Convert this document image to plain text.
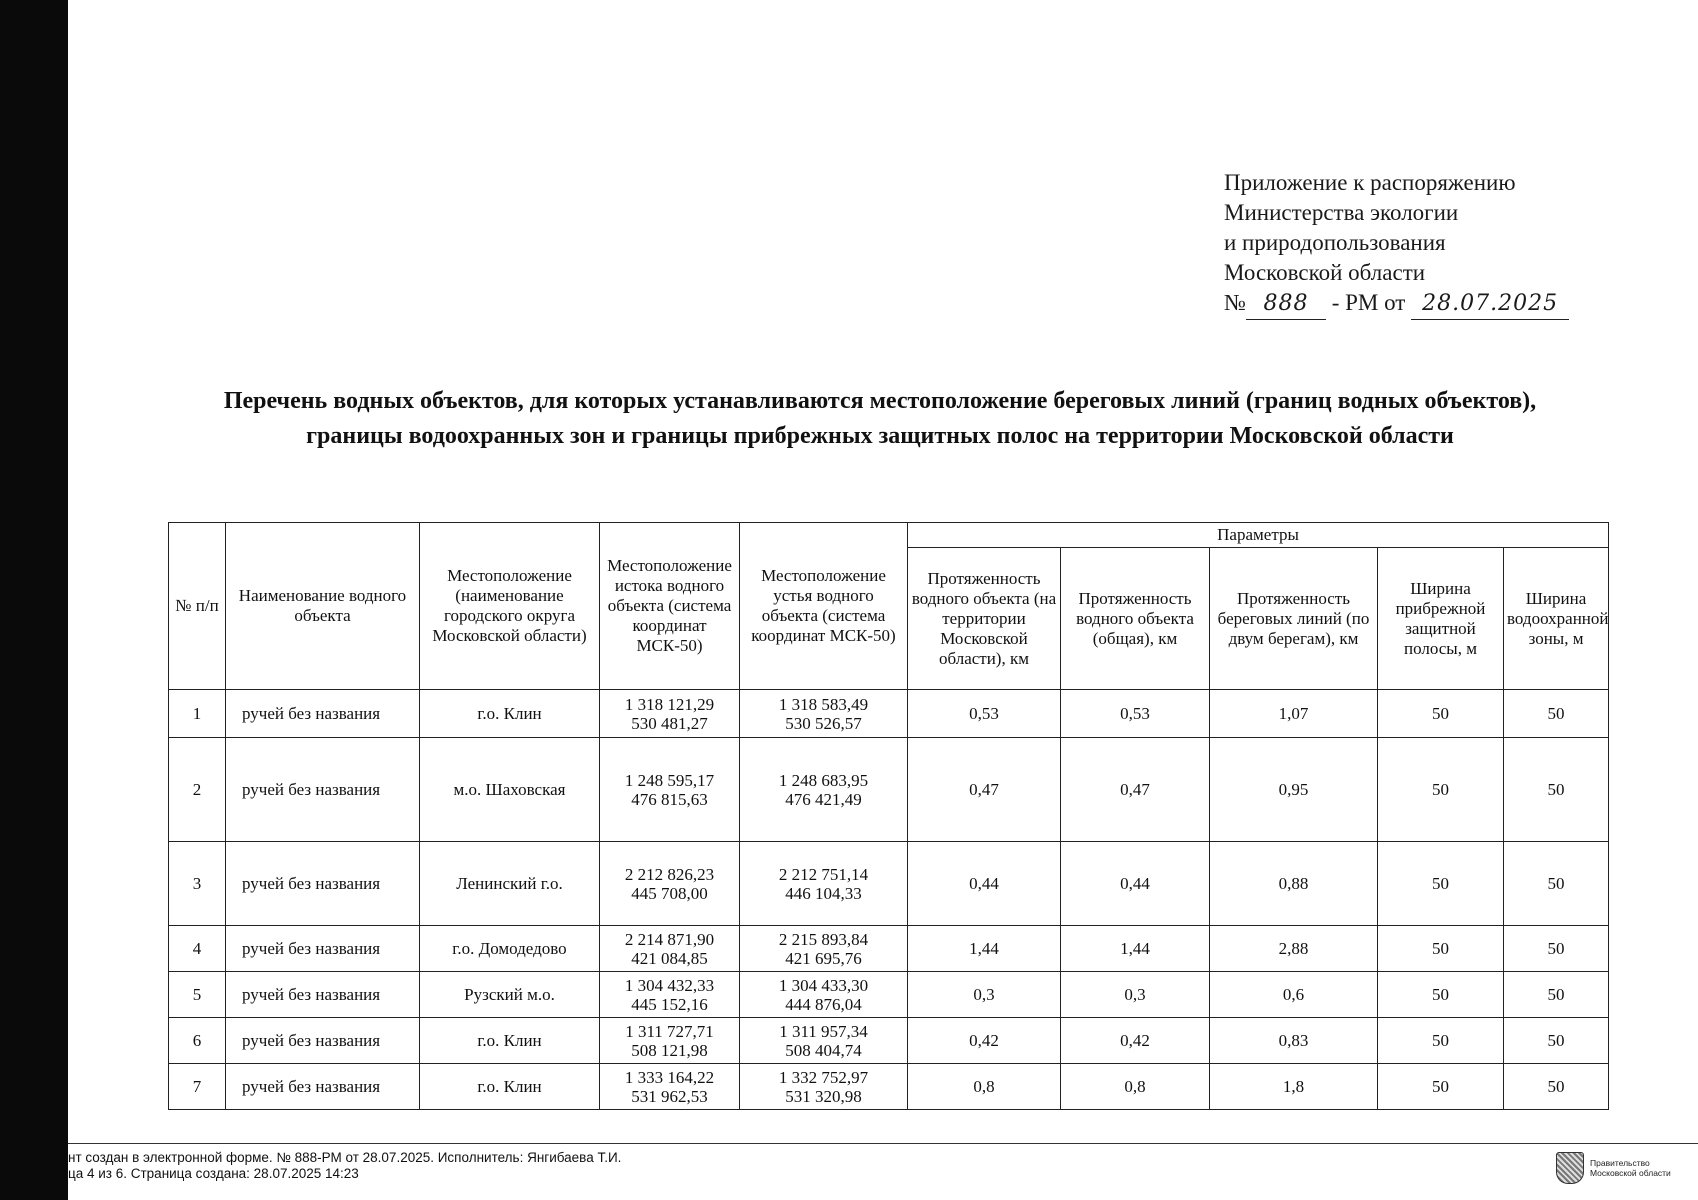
Приложение к распоряжению
Министерства экологии
и природопользования
Московской области
№ 888 - РМ от 28.07.2025
Перечень водных объектов, для которых устанавливаются местоположение береговых линий (границ водных объектов), границы водоохранных зон и границы прибрежных защитных полос на территории Московской области
№ п/п	Наименование водного объекта	Местоположение (наименование городского округа Московской области)	Местоположение истока водного объекта (система координат МСК-50)	Местоположение устья водного объекта (система координат МСК-50)	Параметры				
					Протяженность водного объекта (на территории Московской области), км	Протяженность водного объекта (общая), км	Протяженность береговых линий (по двум берегам), км	Ширина прибрежной защитной полосы, м	Ширина водоохранной зоны, м
1	ручей без названия	г.о. Клин	1 318 121,29
530 481,27	1 318 583,49
530 526,57	0,53	0,53	1,07	50	50
2	ручей без названия	м.о. Шаховская	1 248 595,17
476 815,63	1 248 683,95
476 421,49	0,47	0,47	0,95	50	50
3	ручей без названия	Ленинский г.о.	2 212 826,23
445 708,00	2 212 751,14
446 104,33	0,44	0,44	0,88	50	50
4	ручей без названия	г.о. Домодедово	2 214 871,90
421 084,85	2 215 893,84
421 695,76	1,44	1,44	2,88	50	50
5	ручей без названия	Рузский м.о.	1 304 432,33
445 152,16	1 304 433,30
444 876,04	0,3	0,3	0,6	50	50
6	ручей без названия	г.о. Клин	1 311 727,71
508 121,98	1 311 957,34
508 404,74	0,42	0,42	0,83	50	50
7	ручей без названия	г.о. Клин	1 333 164,22
531 962,53	1 332 752,97
531 320,98	0,8	0,8	1,8	50	50
нт создан в электронной форме. № 888-РМ от 28.07.2025. Исполнитель: Янгибаева Т.И.
ца 4 из 6. Страница создана: 28.07.2025 14:23
Правительство
Московской области
